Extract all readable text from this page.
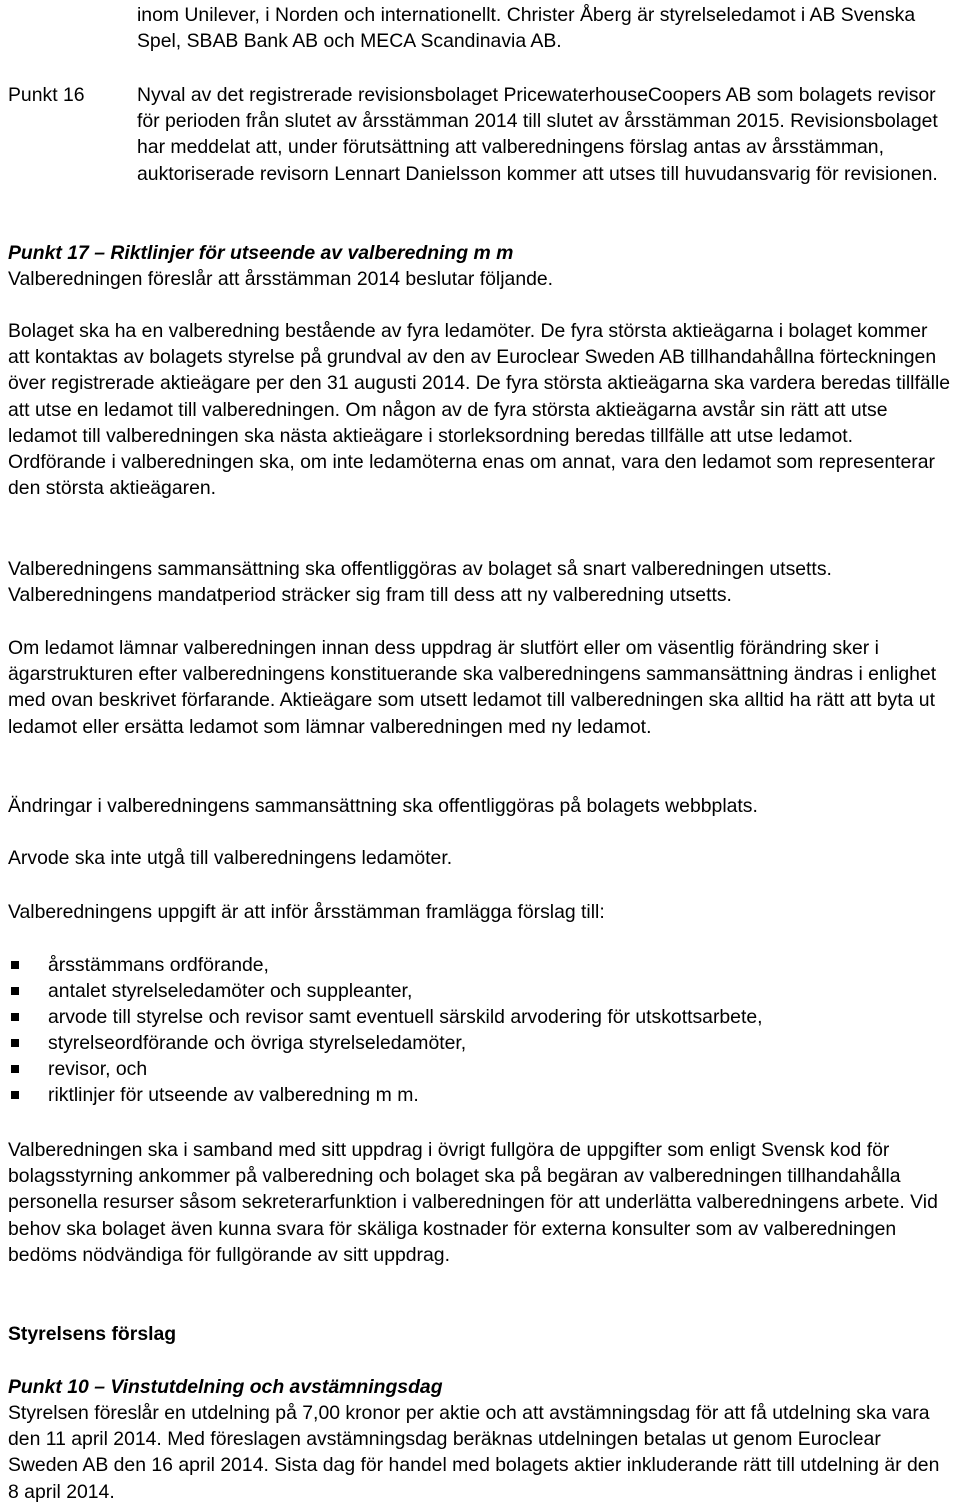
inom Unilever, i Norden och internationellt. Christer Åberg är styrelseledamot i AB Svenska Spel, SBAB Bank AB och MECA Scandinavia AB.

Punkt 16	Nyval av det registrerade revisionsbolaget PricewaterhouseCoopers AB som bolagets revisor för perioden från slutet av årsstämman 2014 till slutet av årsstämman 2015. Revisionsbolaget har meddelat att, under förutsättning att valberedningens förslag antas av årsstämman, auktoriserade revisorn Lennart Danielsson kommer att utses till huvudansvarig för revisionen.

Punkt 17 – Riktlinjer för utseende av valberedning m m

Valberedningen föreslår att årsstämman 2014 beslutar följande.

Bolaget ska ha en valberedning bestående av fyra ledamöter. De fyra största aktieägarna i bolaget kommer att kontaktas av bolagets styrelse på grundval av den av Euroclear Sweden AB tillhandahållna förteckningen över registrerade aktieägare per den 31 augusti 2014. De fyra största aktieägarna ska vardera beredas tillfälle att utse en ledamot till valberedningen. Om någon av de fyra största aktieägarna avstår sin rätt att utse ledamot till valberedningen ska nästa aktieägare i storleksordning beredas tillfälle att utse ledamot. Ordförande i valberedningen ska, om inte ledamöterna enas om annat, vara den ledamot som representerar den största aktieägaren.

Valberedningens sammansättning ska offentliggöras av bolaget så snart valberedningen utsetts. Valberedningens mandatperiod sträcker sig fram till dess att ny valberedning utsetts.

Om ledamot lämnar valberedningen innan dess uppdrag är slutfört eller om väsentlig förändring sker i ägarstrukturen efter valberedningens konstituerande ska valberedningens sammansättning ändras i enlighet med ovan beskrivet förfarande. Aktieägare som utsett ledamot till valberedningen ska alltid ha rätt att byta ut ledamot eller ersätta ledamot som lämnar valberedningen med ny ledamot.

Ändringar i valberedningens sammansättning ska offentliggöras på bolagets webbplats.

Arvode ska inte utgå till valberedningens ledamöter.

Valberedningens uppgift är att inför årsstämman framlägga förslag till:

årsstämmans ordförande,
antalet styrelseledamöter och suppleanter,
arvode till styrelse och revisor samt eventuell särskild arvodering för utskottsarbete,
styrelseordförande och övriga styrelseledamöter,
revisor, och
riktlinjer för utseende av valberedning m m.

Valberedningen ska i samband med sitt uppdrag i övrigt fullgöra de uppgifter som enligt Svensk kod för bolagsstyrning ankommer på valberedning och bolaget ska på begäran av valberedningen tillhandahålla personella resurser såsom sekreterarfunktion i valberedningen för att underlätta valberedningens arbete. Vid behov ska bolaget även kunna svara för skäliga kostnader för externa konsulter som av valberedningen bedöms nödvändiga för fullgörande av sitt uppdrag.

Styrelsens förslag

Punkt 10 – Vinstutdelning och avstämningsdag

Styrelsen föreslår en utdelning på 7,00 kronor per aktie och att avstämningsdag för att få utdelning ska vara den 11 april 2014. Med föreslagen avstämningsdag beräknas utdelningen betalas ut genom Euroclear Sweden AB den 16 april 2014. Sista dag för handel med bolagets aktier inkluderande rätt till utdelning är den 8 april 2014.
